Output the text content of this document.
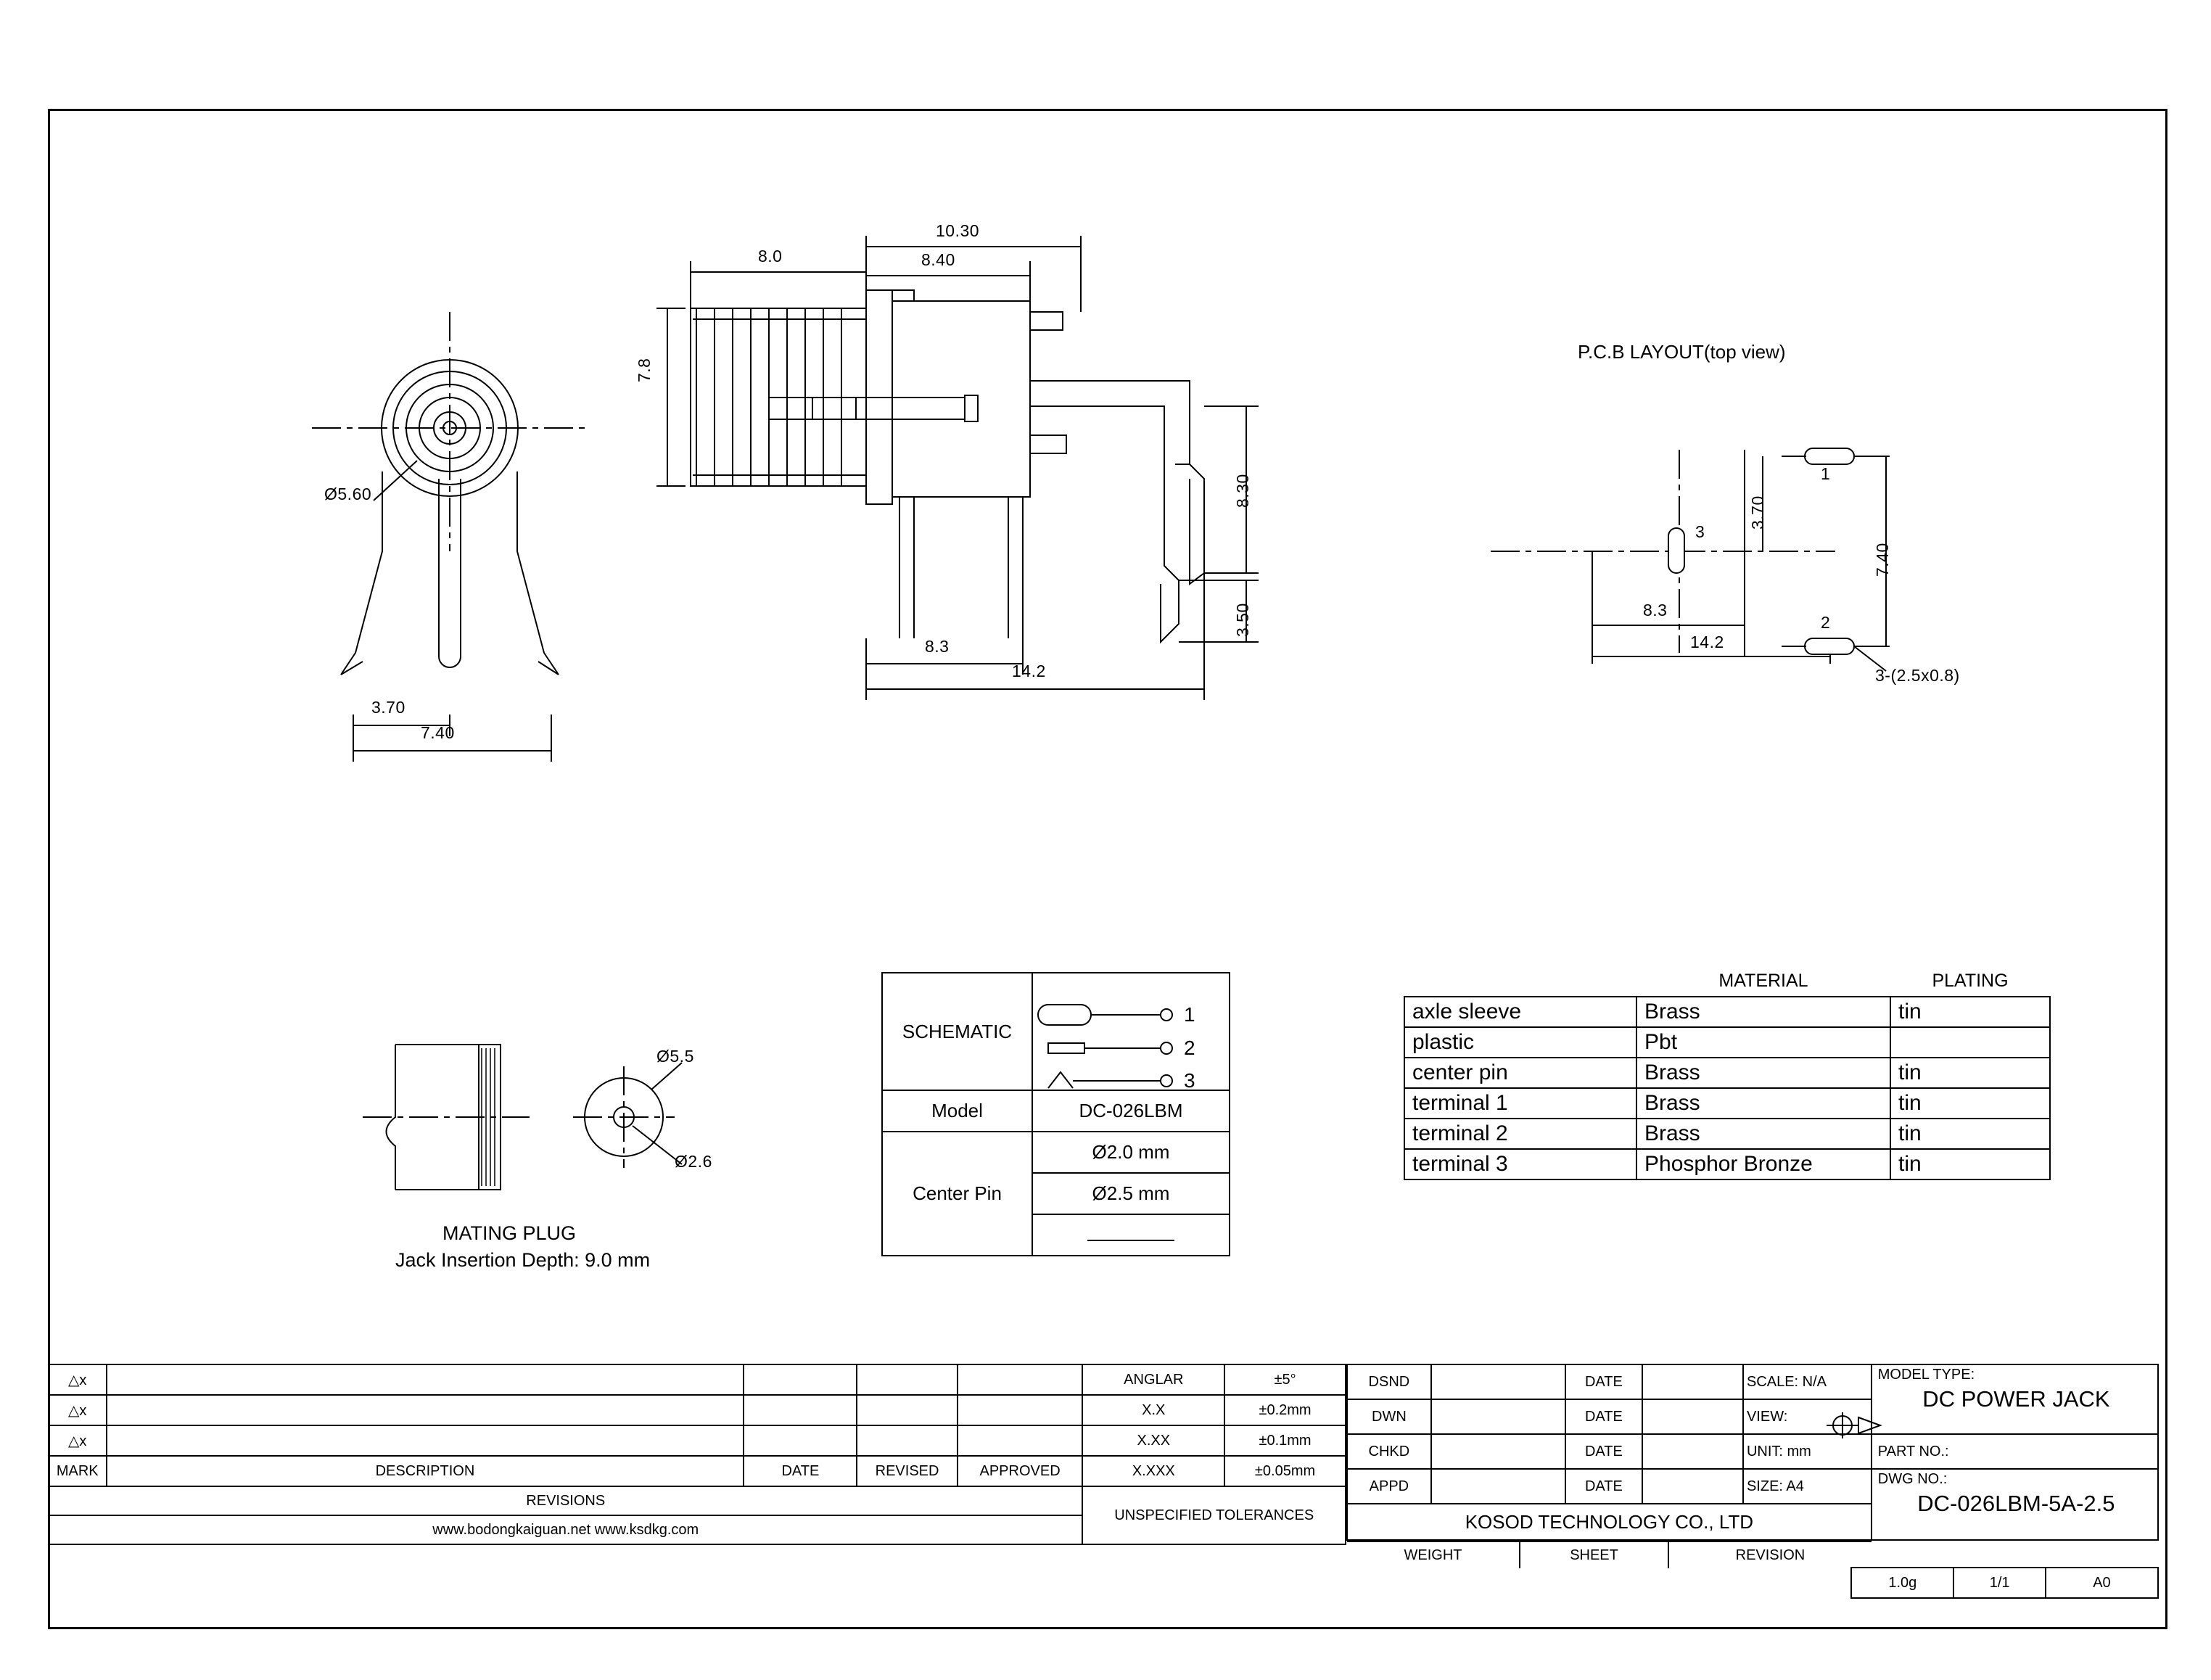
Ø5.60
3.70
7.40
10.30
8.0	8.40
7.8
8.30
3.50
8.3
14.2
P.C.B LAYOUT(top view)
1
2
3
3.70
7.40
8.3
14.2
3-(2.5x0.8)
Ø5.5
Ø2.6
MATING PLUG
Jack Insertion Depth: 9.0 mm
1
2
3
SCHEMATIC	
Model	DC-026LBM
Center Pin	Ø2.0 mm
	Ø2.5 mm

	MATERIAL	PLATING
axle sleeve	Brass	tin
plastic	Pbt	
center pin	Brass	tin
terminal 1	Brass	tin
terminal 2	Brass	tin
terminal 3	Phosphor Bronze	tin
△x					ANGLAR	±5°
△x					X.X	±0.2mm
△x					X.XX	±0.1mm
MARK	DESCRIPTION	DATE	REVISED	APPROVED	X.XXX	±0.05mm
REVISIONS	UNSPECIFIED TOLERANCES
www.bodongkaiguan.net www.ksdkg.com

DSND		DATE		SCALE: N/A	MODEL TYPE:
DC POWER JACK

DWN		DATE		VIEW:
CHKD		DATE		UNIT: mm	PART NO.:
APPD		DATE		SIZE: A4	DWG NO.:
DC-026LBM-5A-2.5

KOSOD TECHNOLOGY CO., LTD

WEIGHT	SHEET	REVISION

	1.0g	1/1	A0
